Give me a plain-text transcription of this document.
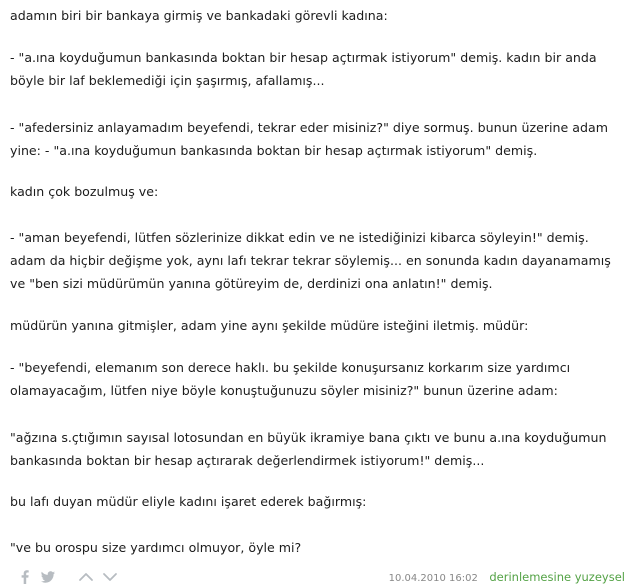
adamın biri bir bankaya girmiş ve bankadaki görevli kadına:
- "a.ına koyduğumun bankasında boktan bir hesap açtırmak istiyorum" demiş. kadın bir anda
böyle bir laf beklemediği için şaşırmış, afallamış...
- "afedersiniz anlayamadım beyefendi, tekrar eder misiniz?" diye sormuş. bunun üzerine adam
yine: - "a.ına koyduğumun bankasında boktan bir hesap açtırmak istiyorum" demiş.
kadın çok bozulmuş ve:
- "aman beyefendi, lütfen sözlerinize dikkat edin ve ne istediğinizi kibarca söyleyin!" demiş.
adam da hiçbir değişme yok, aynı lafı tekrar tekrar söylemiş... en sonunda kadın dayanamamış
ve "ben sizi müdürümün yanına götüreyim de, derdinizi ona anlatın!" demiş.
müdürün yanına gitmişler, adam yine aynı şekilde müdüre isteğini iletmiş. müdür:
- "beyefendi, elemanım son derece haklı. bu şekilde konuşursanız korkarım size yardımcı
olamayacağım, lütfen niye böyle konuştuğunuzu söyler misiniz?" bunun üzerine adam:
"ağzına s.çtığımın sayısal lotosundan en büyük ikramiye bana çıktı ve bunu a.ına koyduğumun
bankasında boktan bir hesap açtırarak değerlendirmek istiyorum!" demiş...
bu lafı duyan müdür eliyle kadını işaret ederek bağırmış:
"ve bu orospu size yardımcı olmuyor, öyle mi?
10.04.2010 16:02 derinlemesine yuzeysel
